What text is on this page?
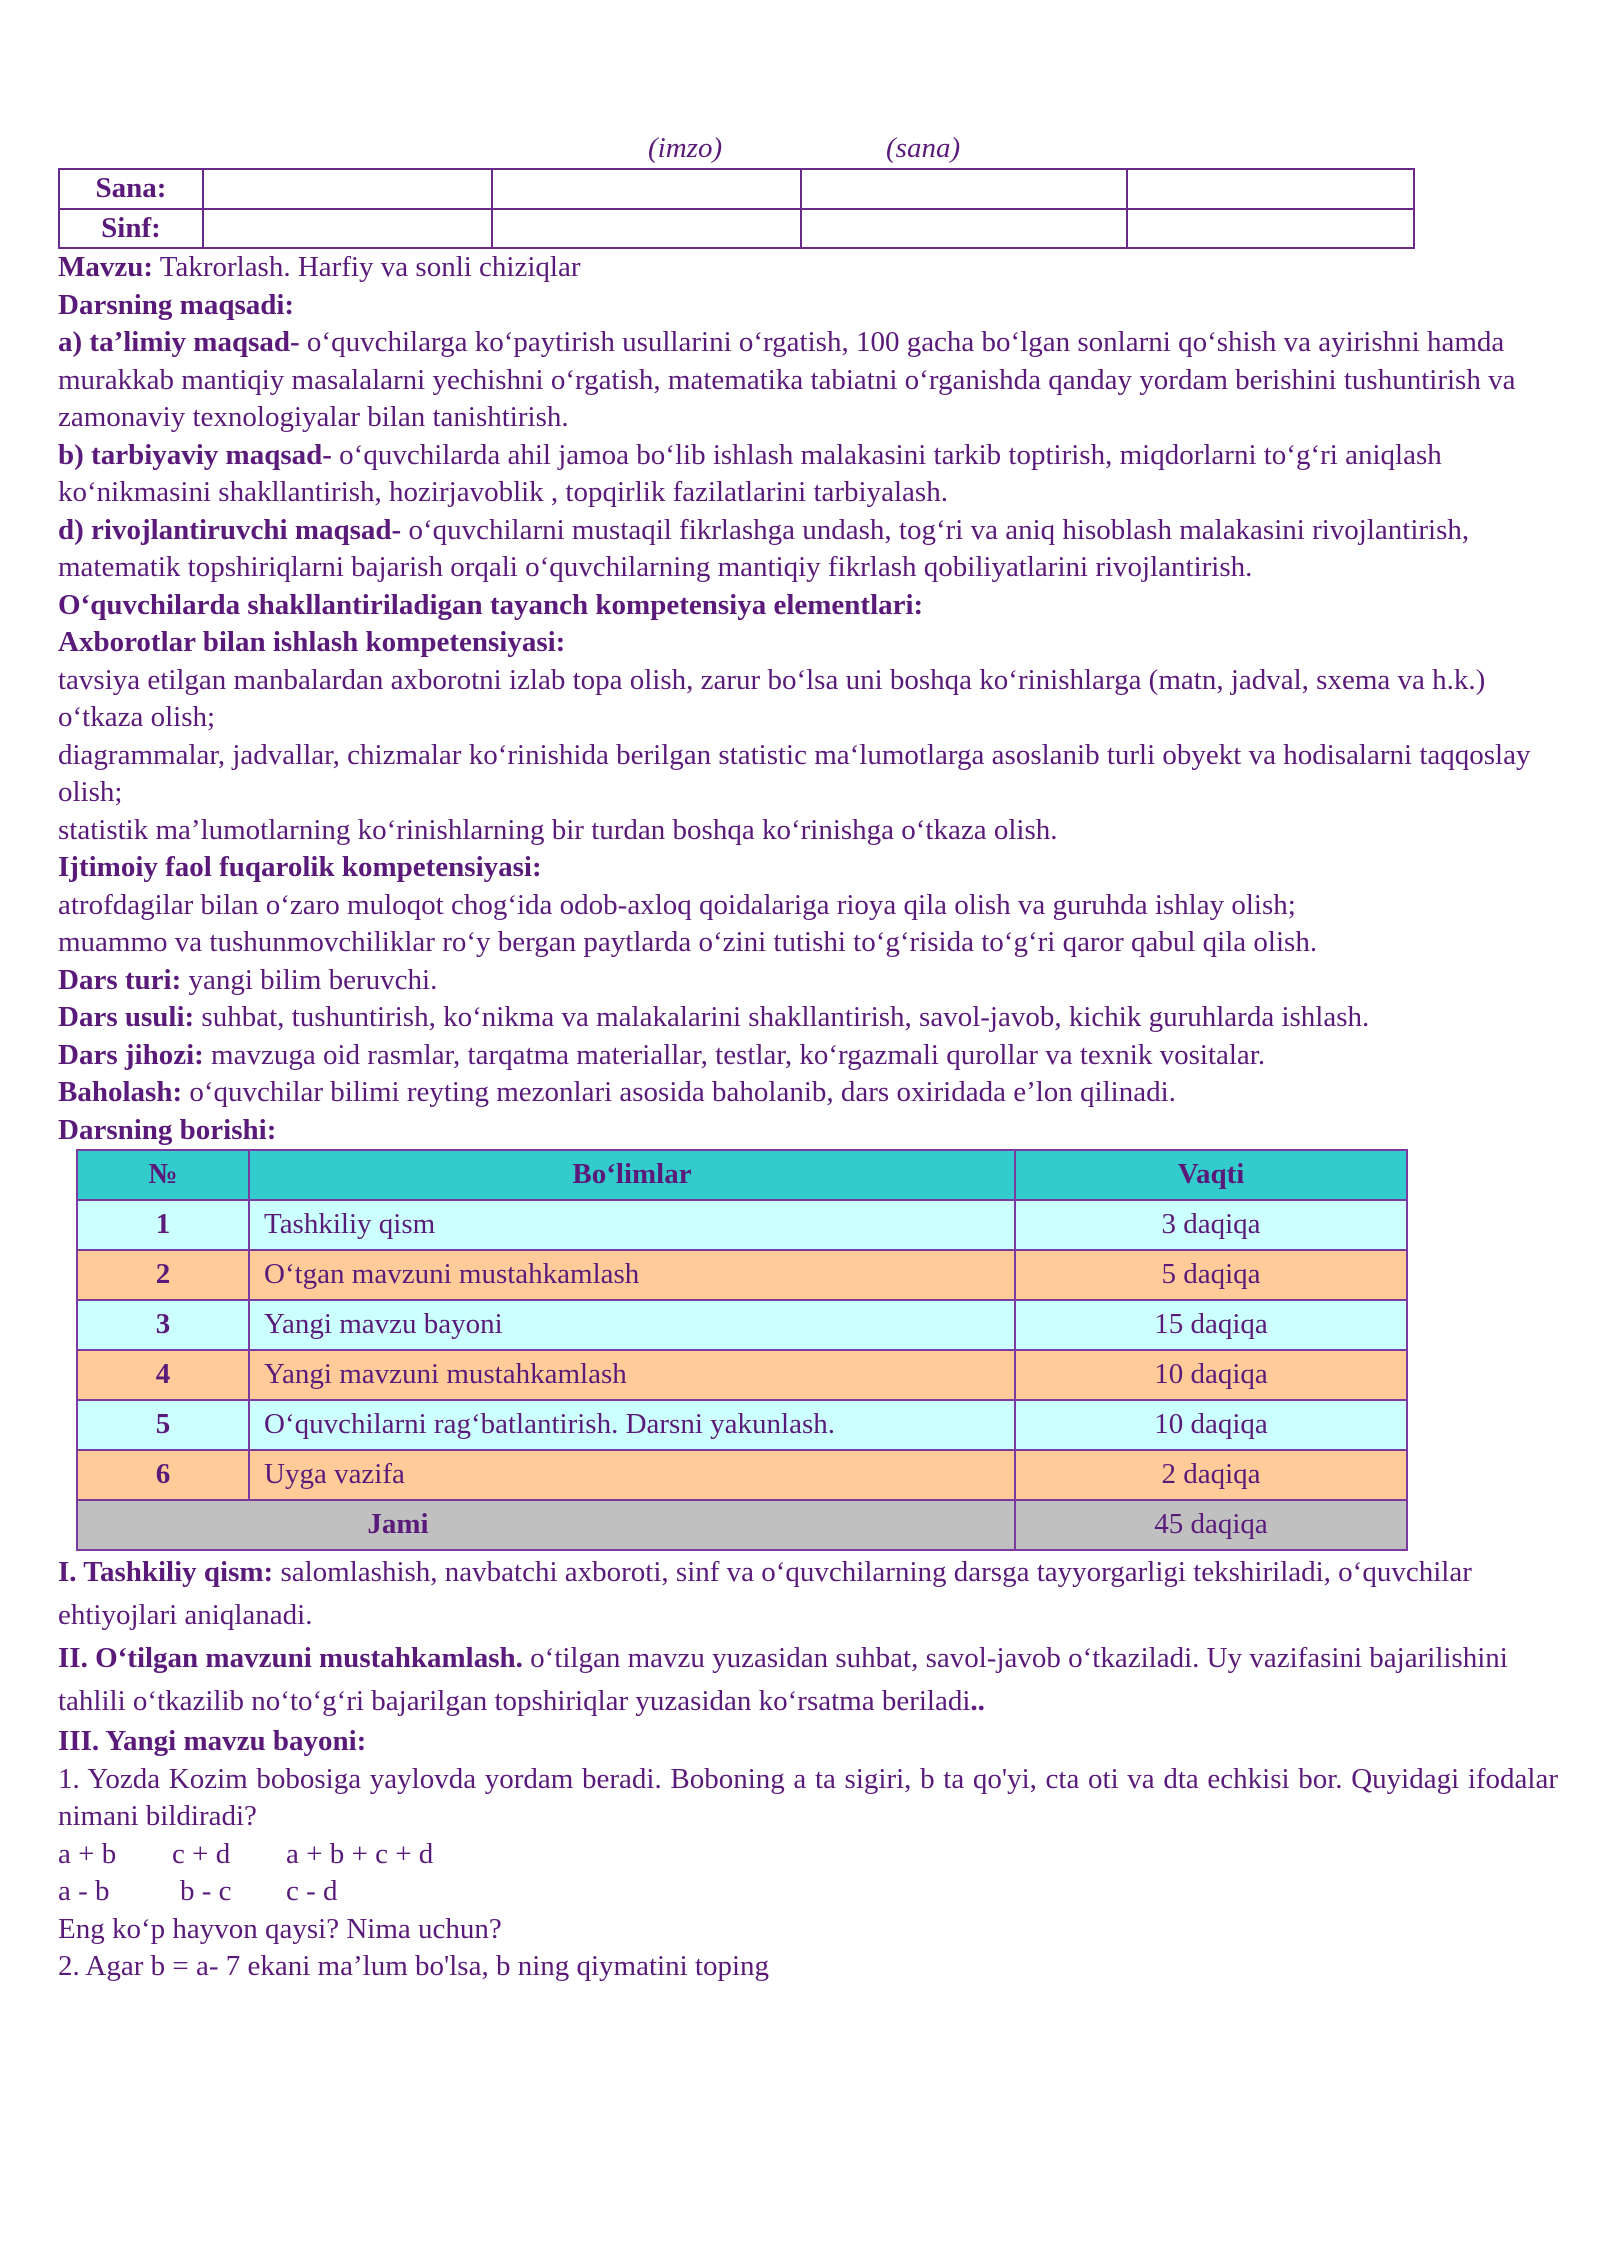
(imzo)	(sana)
Sana:				
Sinf:				

Mavzu: Takrorlash. Harfiy va sonli chiziqlar

Darsning maqsadi:

a) ta’limiy maqsad- o‘quvchilarga ko‘paytirish usullarini o‘rgatish, 100 gacha bo‘lgan sonlarni qo‘shish va ayirishni hamda murakkab mantiqiy masalalarni yechishni o‘rgatish, matematika tabiatni o‘rganishda qanday yordam berishini tushuntirish va zamonaviy texnologiyalar bilan tanishtirish.

b) tarbiyaviy maqsad- o‘quvchilarda ahil jamoa bo‘lib ishlash malakasini tarkib toptirish, miqdorlarni to‘g‘ri aniqlash ko‘nikmasini shakllantirish, hozirjavoblik , topqirlik fazilatlarini tarbiyalash.

d) rivojlantiruvchi maqsad- o‘quvchilarni mustaqil fikrlashga undash, tog‘ri va aniq hisoblash malakasini rivojlantirish, matematik topshiriqlarni bajarish orqali o‘quvchilarning mantiqiy fikrlash qobiliyatlarini rivojlantirish.

O‘quvchilarda shakllantiriladigan tayanch kompetensiya elementlari:

Axborotlar bilan ishlash kompetensiyasi:

tavsiya etilgan manbalardan axborotni izlab topa olish, zarur bo‘lsa uni boshqa ko‘rinishlarga (matn, jadval, sxema va h.k.) o‘tkaza olish;

diagrammalar, jadvallar, chizmalar ko‘rinishida berilgan statistic ma‘lumotlarga asoslanib turli obyekt va hodisalarni taqqoslay olish;

statistik ma’lumotlarning ko‘rinishlarning bir turdan boshqa ko‘rinishga o‘tkaza olish.

Ijtimoiy faol fuqarolik kompetensiyasi:

atrofdagilar bilan o‘zaro muloqot chog‘ida odob-axloq qoidalariga rioya qila olish va guruhda ishlay olish;

muammo va tushunmovchiliklar ro‘y bergan paytlarda o‘zini tutishi to‘g‘risida to‘g‘ri qaror qabul qila olish.

Dars turi: yangi bilim beruvchi.

Dars usuli: suhbat, tushuntirish, ko‘nikma va malakalarini shakllantirish, savol-javob, kichik guruhlarda ishlash.

Dars jihozi: mavzuga oid rasmlar, tarqatma materiallar, testlar, ko‘rgazmali qurollar va texnik vositalar.

Baholash: o‘quvchilar bilimi reyting mezonlari asosida baholanib, dars oxiridada e’lon qilinadi.

Darsning borishi:

№	Bo‘limlar	Vaqti
1	Tashkiliy qism	3 daqiqa
2	O‘tgan mavzuni mustahkamlash	5 daqiqa
3	Yangi mavzu bayoni	15 daqiqa
4	Yangi mavzuni mustahkamlash	10 daqiqa
5	O‘quvchilarni rag‘batlantirish. Darsni yakunlash.	10 daqiqa
6	Uyga vazifa	2 daqiqa
Jami		45 daqiqa

I. Tashkiliy qism: salomlashish, navbatchi axboroti, sinf va o‘quvchilarning darsga tayyorgarligi tekshiriladi, o‘quvchilar ehtiyojlari aniqlanadi.

II. O‘tilgan mavzuni mustahkamlash. o‘tilgan mavzu yuzasidan suhbat, savol-javob o‘tkaziladi. Uy vazifasini bajarilishini tahlili o‘tkazilib no‘to‘g‘ri bajarilgan topshiriqlar yuzasidan ko‘rsatma beriladi..

III. Yangi mavzu bayoni:

1. Yozda Kozim bobosiga yaylovda yordam beradi. Boboning a ta sigiri, b ta qo'yi, cta oti va dta echkisi bor. Quyidagi ifodalar nimani bildiradi?

a + b c + d a + b + c + d

a - b b - c c - d

Eng ko‘p hayvon qaysi? Nima uchun?

2. Agar b = a- 7 ekani ma’lum bo'lsa, b ning qiymatini toping
